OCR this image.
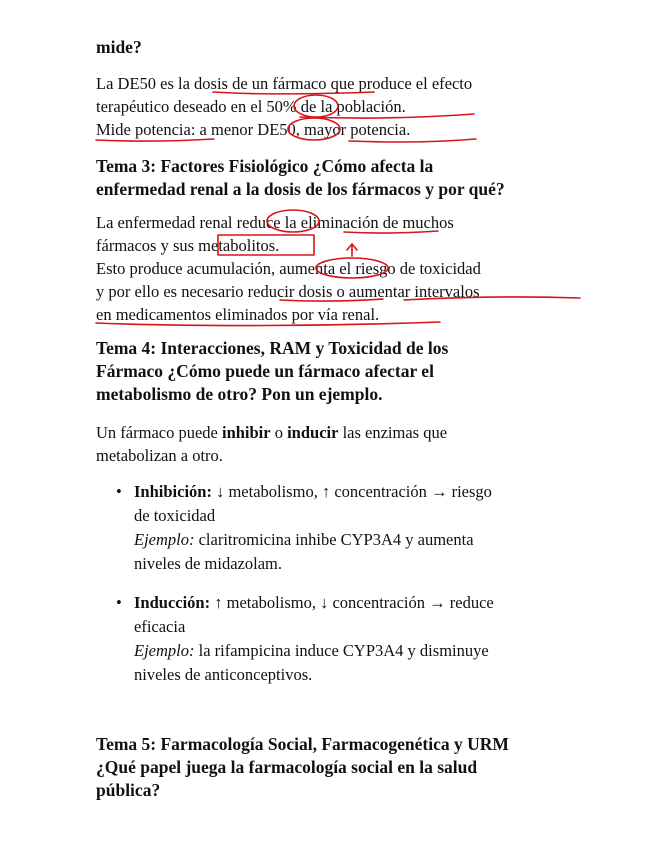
mide?

La DE50 es la dosis de un fármaco que produce el efecto
terapéutico deseado en el 50% de la población.
Mide potencia: a menor DE50, mayor potencia.

Tema 3: Factores Fisiológico ¿Cómo afecta la
enfermedad renal a la dosis de los fármacos y por qué?

La enfermedad renal reduce la eliminación de muchos
fármacos y sus metabolitos.
Esto produce acumulación, aumenta el riesgo de toxicidad
y por ello es necesario reducir dosis o aumentar intervalos
en medicamentos eliminados por vía renal.

Tema 4: Interacciones, RAM y Toxicidad de los
Fármaco ¿Cómo puede un fármaco afectar el
metabolismo de otro? Pon un ejemplo.

Un fármaco puede inhibir o inducir las enzimas que
metabolizan a otro.

• Inhibición: ↓ metabolismo, ↑ concentración → riesgo
de toxicidad
Ejemplo: claritromicina inhibe CYP3A4 y aumenta
niveles de midazolam.
• Inducción: ↑ metabolismo, ↓ concentración → reduce
eficacia
Ejemplo: la rifampicina induce CYP3A4 y disminuye
niveles de anticonceptivos.

Tema 5: Farmacología Social, Farmacogenética y URM
¿Qué papel juega la farmacología social en la salud
pública?
